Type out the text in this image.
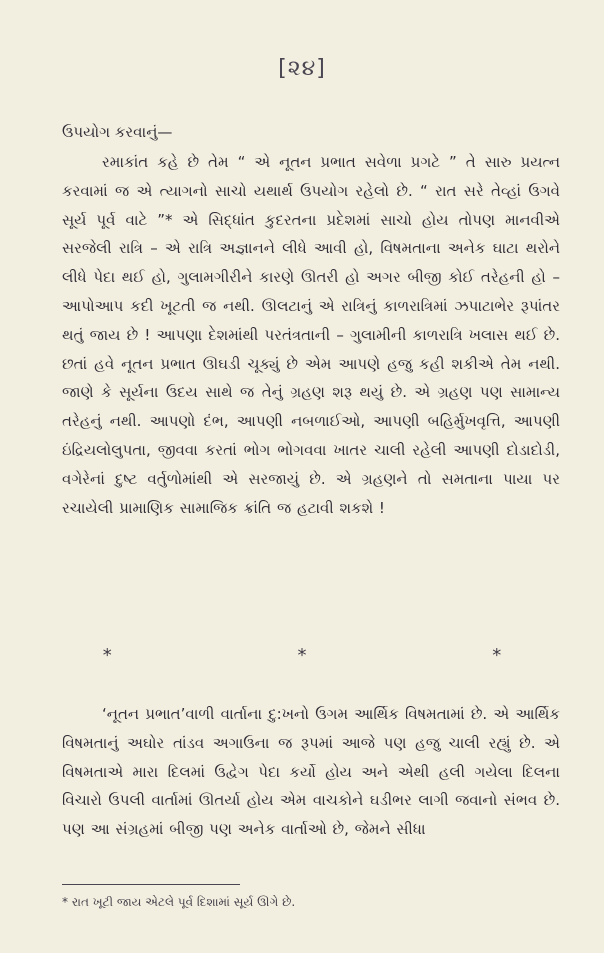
[૨૪]

ઉપયોગ કરવાનું—

રમાકાંત કહે છે તેમ “ એ નૂતન પ્રભાત સવેળા પ્રગટે ” તે સારુ પ્રયત્ન કરવામાં જ એ ત્યાગનો સાચો યથાર્થ ઉપયોગ રહેલો છે. “ રાત સરે તેવ્હાં ઉગવે સૂર્ય પૂર્વ વાટે ”* એ સિદ્ધાંત કુદરતના પ્રદેશમાં સાચો હોય તોપણ માનવીએ સરજેલી રાત્રિ – એ રાત્રિ અજ્ઞાનને લીધે આવી હો, વિષમતાના અનેક ઘાટા થરોને લીધે પેદા થઈ હો, ગુલામગીરીને કારણે ઊતરી હો અગર બીજી કોઈ તરેહની હો – આપોઆપ કદી ખૂટતી જ નથી. ઊલટાનું એ રાત્રિનું કાળરાત્રિમાં ઝપાટાભેર રૂપાંતર થતું જાય છે ! આપણા દેશમાંથી પરતંત્રતાની – ગુલામીની કાળરાત્રિ ખલાસ થઈ છે. છતાં હવે નૂતન પ્રભાત ઊઘડી ચૂક્યું છે એમ આપણે હજુ કહી શકીએ તેમ નથી. જાણે કે સૂર્યના ઉદય સાથે જ તેનું ગ્રહણ શરૂ થયું છે. એ ગ્રહણ પણ સામાન્ય તરેહનું નથી. આપણો દંભ, આપણી નબળાઈઓ, આપણી બહિર્મુખવૃત્તિ, આપણી ઇંદ્રિયલોલુપતા, જીવવા કરતાં ભોગ ભોગવવા ખાતર ચાલી રહેલી આપણી દોડાદોડી, વગેરેનાં દુષ્ટ વર્તુળોમાંથી એ સરજાયું છે. એ ગ્રહણને તો સમતાના પાયા પર રચાયેલી પ્રામાણિક સામાજિક ક્રાંતિ જ હટાવી શકશે !

* * *

‘નૂતન પ્રભાત’વાળી વાર્તાના દુ:ખનો ઉગમ આર્થિક વિષમતામાં છે. એ આર્થિક વિષમતાનું અઘોર તાંડવ અગાઉના જ રૂપમાં આજે પણ હજુ ચાલી રહ્યું છે. એ વિષમતાએ મારા દિલમાં ઉદ્વેગ પેદા કર્યો હોય અને એથી હલી ગયેલા દિલના વિચારો ઉપલી વાર્તામાં ઊતર્યા હોય એમ વાચકોને ઘડીભર લાગી જવાનો સંભવ છે. પણ આ સંગ્રહમાં બીજી પણ અનેક વાર્તાઓ છે, જેમને સીધા

* રાત ખૂટી જાય એટલે પૂર્વ દિશામાં સૂર્ય ઊગે છે.
